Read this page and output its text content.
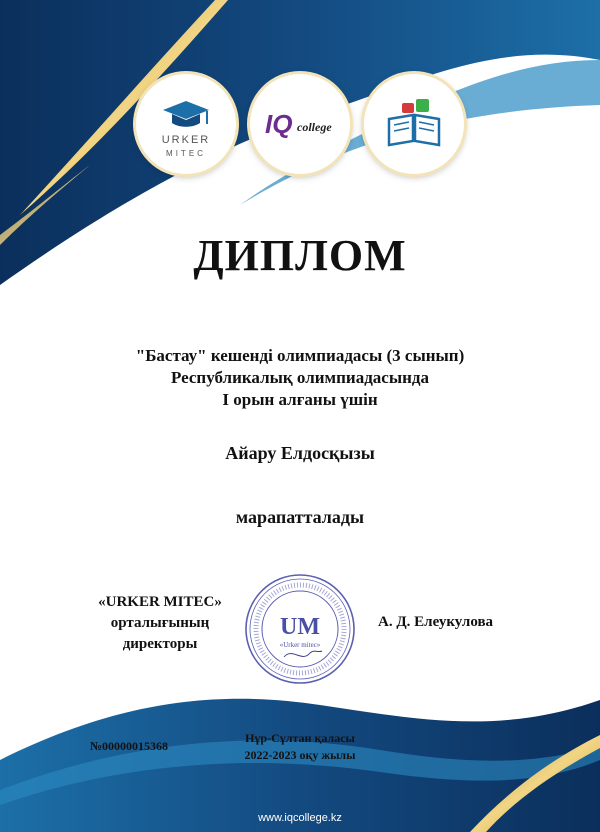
URKER
MITEC
IQ college
ДИПЛОМ
"Бастау" кешенді олимпиадасы (3 сынып)
Республикалық олимпиадасында
I орын алғаны үшін
Айару Елдосқызы
марапатталады
«URKER MITEC»
орталығының
директоры
UM
«Urker mitec»
А. Д. Елеукулова
№00000015368
Нұр-Сұлтан қаласы
2022-2023 оқу жылы
www.iqcollege.kz
